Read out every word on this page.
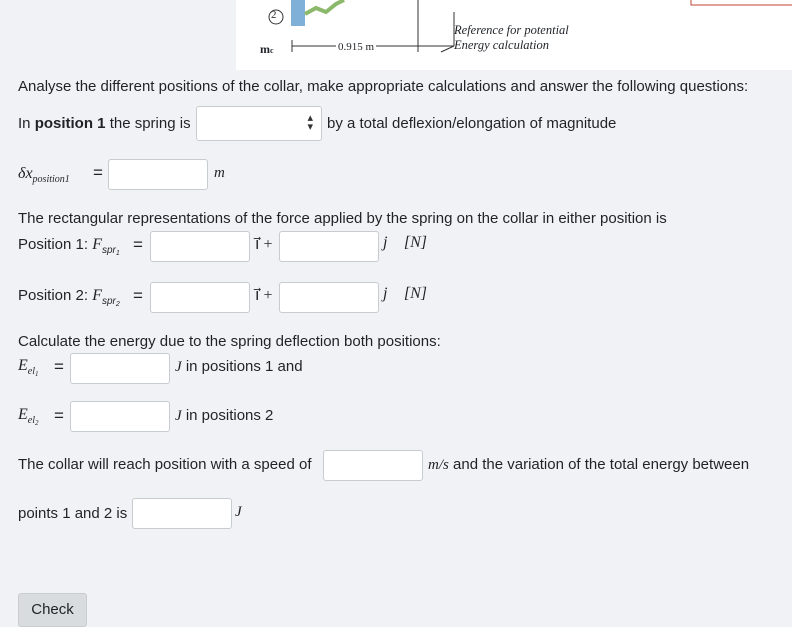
2
mc	0.915 m
Reference for potential
Energy calculation
Analyse the different positions of the collar, make appropriate calculations and answer the following questions:
In position 1 the spring is	▴
▾ by a total deflexion/elongation of magnitude
$\delta x_{position1}$ =	m
The rectangular representations of the force applied by the spring on the collar in either position is
Position 1: $F_{spr_1}$ =	i⃗ +	j⃗ [N]
Position 2: $F_{spr_2}$ =	i⃗ +	j⃗ [N]
Calculate the energy due to the spring deflection both positions:
$E_{el_1}$ =	J in positions 1 and
$E_{el_2}$ =	J in positions 2
The collar will reach position with a speed of	m/s and the variation of the total energy between
points 1 and 2 is	J
Check
